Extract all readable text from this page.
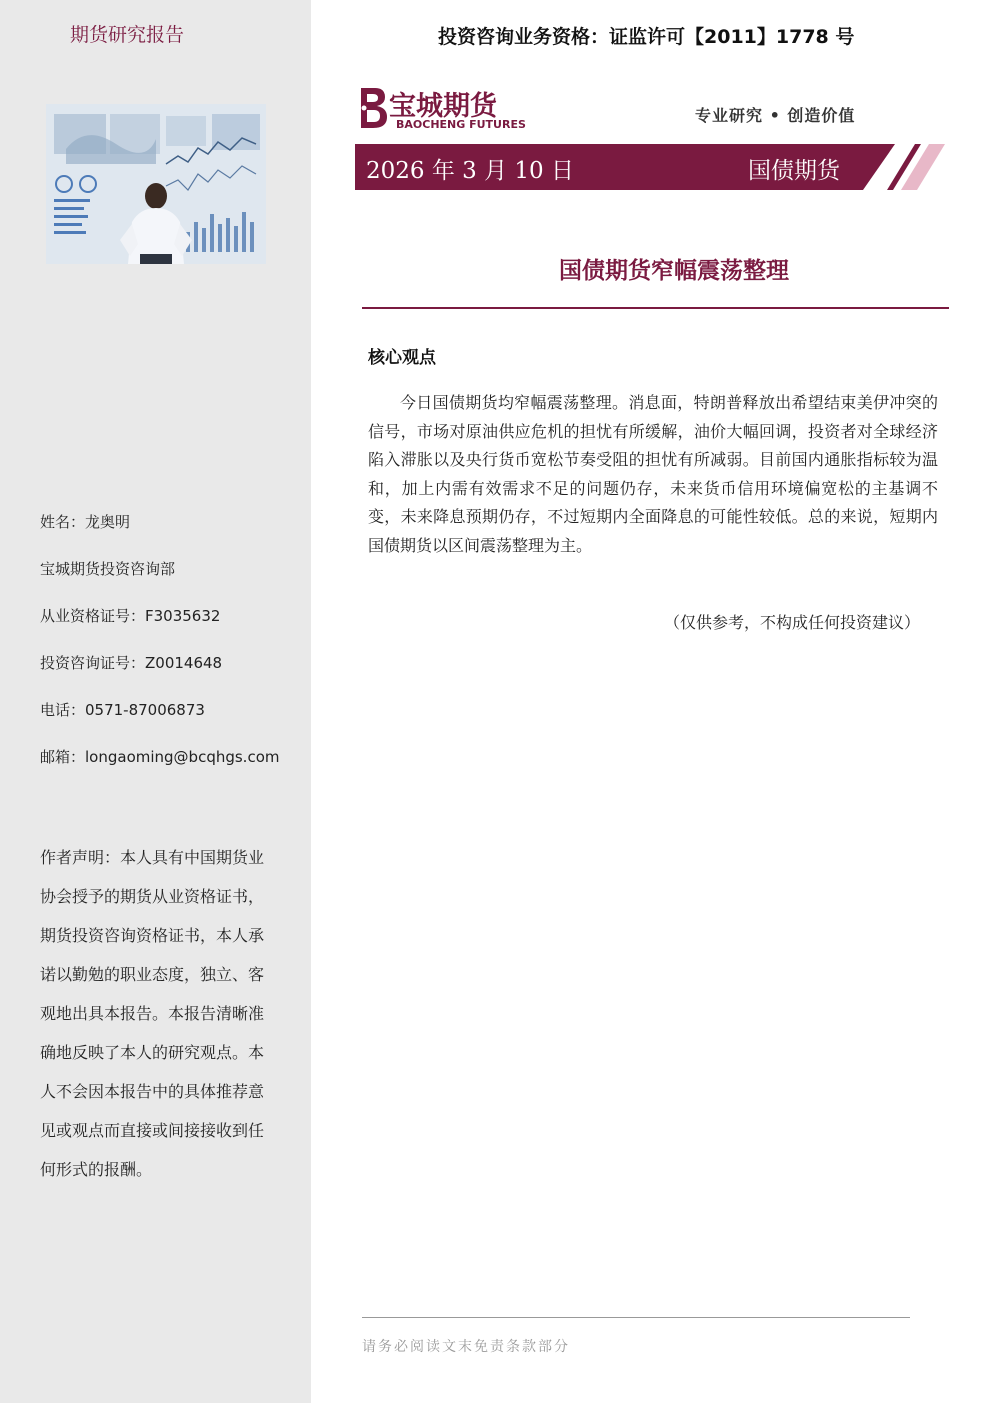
期货研究报告
姓名：龙奥明
宝城期货投资咨询部
从业资格证号：F3035632
投资咨询证号：Z0014648
电话：0571-87006873
邮箱：longaoming@bcqhgs.com
作者声明：本人具有中国期货业协会授予的期货从业资格证书，期货投资咨询资格证书，本人承诺以勤勉的职业态度，独立、客观地出具本报告。本报告清晰准确地反映了本人的研究观点。本人不会因本报告中的具体推荐意见或观点而直接或间接接收到任何形式的报酬。
投资咨询业务资格：证监许可【2011】1778 号
宝城期货
BAOCHENG FUTURES	专业研究 • 创造价值
2026 年 3 月 10 日	国债期货
国债期货窄幅震荡整理
核心观点
今日国债期货均窄幅震荡整理。消息面，特朗普释放出希望结束美伊冲突的信号，市场对原油供应危机的担忧有所缓解，油价大幅回调，投资者对全球经济陷入滞胀以及央行货币宽松节奏受阻的担忧有所减弱。目前国内通胀指标较为温和，加上内需有效需求不足的问题仍存，未来货币信用环境偏宽松的主基调不变，未来降息预期仍存，不过短期内全面降息的可能性较低。总的来说，短期内国债期货以区间震荡整理为主。
（仅供参考，不构成任何投资建议）
请务必阅读文末免责条款部分
